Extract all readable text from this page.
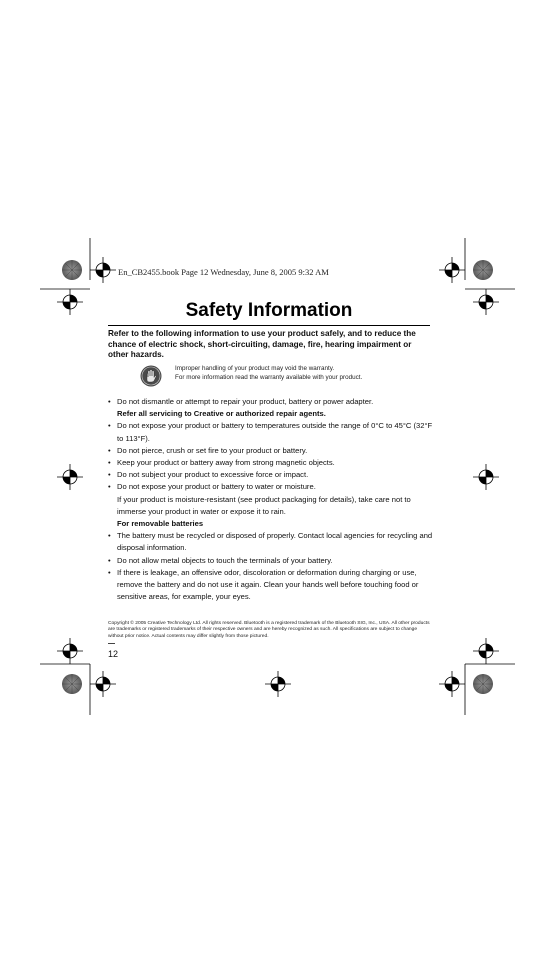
En_CB2455.book Page 12 Wednesday, June 8, 2005 9:32 AM
Safety Information

Refer to the following information to use your product safely, and to reduce the chance of electric shock, short-circuiting, damage, fire, hearing impairment or other hazards.

Improper handling of your product may void the warranty.
For more information read the warranty available with your product.
• Do not dismantle or attempt to repair your product, battery or power adapter.
Refer all servicing to Creative or authorized repair agents.
• Do not expose your product or battery to temperatures outside the range of 0°C to 45°C (32°F to 113°F).
• Do not pierce, crush or set fire to your product or battery.
• Keep your product or battery away from strong magnetic objects.
• Do not subject your product to excessive force or impact.
• Do not expose your product or battery to water or moisture.
If your product is moisture-resistant (see product packaging for details), take care not to immerse your product in water or expose it to rain.
For removable batteries
• The battery must be recycled or disposed of properly. Contact local agencies for recycling and disposal information.
• Do not allow metal objects to touch the terminals of your battery.
• If there is leakage, an offensive odor, discoloration or deformation during charging or use, remove the battery and do not use it again. Clean your hands well before touching food or sensitive areas, for example, your eyes.

Copyright © 2005 Creative Technology Ltd. All rights reserved. Bluetooth is a registered trademark of the Bluetooth SIG, Inc., USA. All other products are trademarks or registered trademarks of their respective owners and are hereby recognized as such. All specifications are subject to change without prior notice. Actual contents may differ slightly from those pictured.

12
